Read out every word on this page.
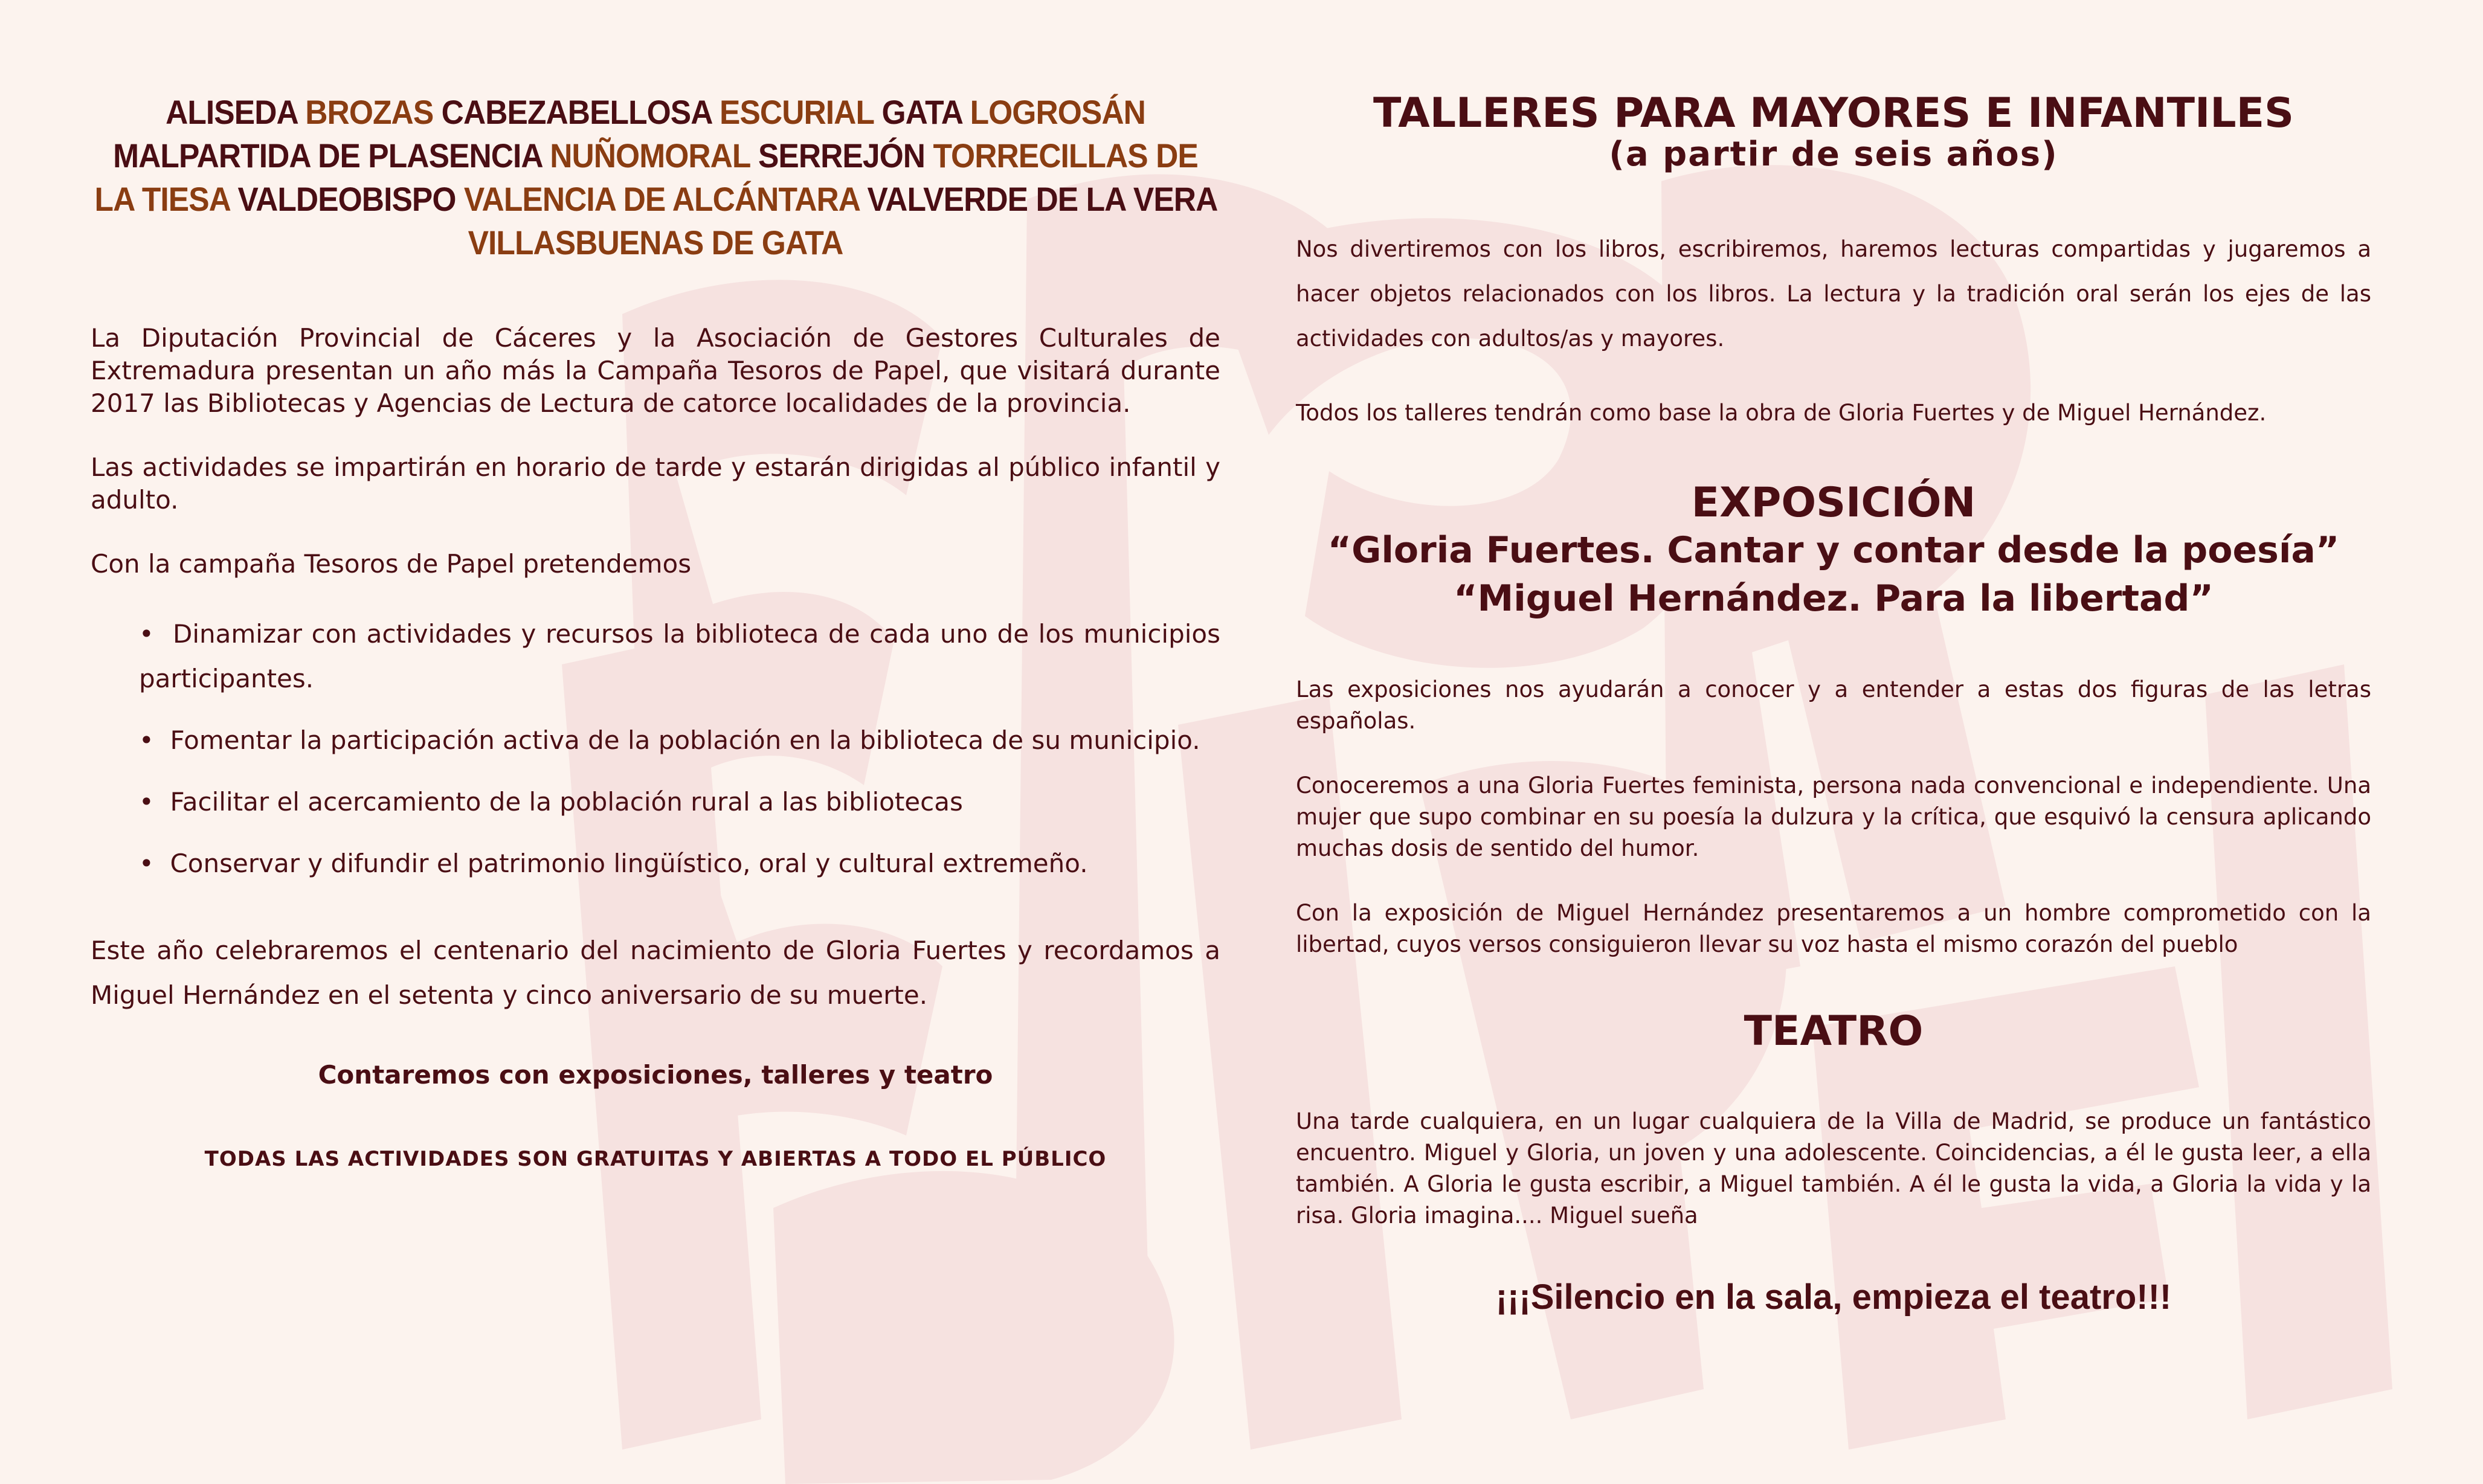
ALISEDA BROZAS CABEZABELLOSA ESCURIAL GATA LOGROSÁN MALPARTIDA DE PLASENCIA NUÑOMORAL SERREJÓN TORRECILLAS DE LA TIESA VALDEOBISPO VALENCIA DE ALCÁNTARA VALVERDE DE LA VERA VILLASBUENAS DE GATA

La Diputación Provincial de Cáceres y la Asociación de Gestores Culturales de Extremadura presentan un año más la Campaña Tesoros de Papel, que visitará durante 2017 las Bibliotecas y Agencias de Lectura de catorce localidades de la provincia.

Las actividades se impartirán en horario de tarde y estarán dirigidas al público infantil y adulto.

Con la campaña Tesoros de Papel pretendemos

•  Dinamizar con actividades y recursos la biblioteca de cada uno de los municipios participantes.
•  Fomentar la participación activa de la población en la biblioteca de su municipio.
•  Facilitar el acercamiento de la población rural a las bibliotecas
•  Conservar y difundir el patrimonio lingüístico, oral y cultural extremeño.

Este año celebraremos el centenario del nacimiento de Gloria Fuertes y recordamos a Miguel Hernández en el setenta y cinco aniversario de su muerte.

Contaremos con exposiciones, talleres y teatro
TODAS LAS ACTIVIDADES SON GRATUITAS Y ABIERTAS A TODO EL PÚBLICO
TALLERES PARA MAYORES E INFANTILES
(a partir de seis años)

Nos divertiremos con los libros, escribiremos, haremos lecturas compartidas y jugaremos a hacer objetos relacionados con los libros. La lectura y la tradición oral serán los ejes de las actividades con adultos/as y mayores.

Todos los talleres tendrán como base la obra de Gloria Fuertes y de Miguel Hernández.

EXPOSICIÓN

“Gloria Fuertes. Cantar y contar desde la poesía”

“Miguel Hernández. Para la libertad”

Las exposiciones nos ayudarán a conocer y a entender a estas dos figuras de las letras españolas.

Conoceremos a una Gloria Fuertes feminista, persona nada convencional e independiente. Una mujer que supo combinar en su poesía la dulzura y la crítica, que esquivó la censura aplicando muchas dosis de sentido del humor.

Con la exposición de Miguel Hernández presentaremos a un hombre comprometido con la libertad, cuyos versos consiguieron llevar su voz hasta el mismo corazón del pueblo

TEATRO

Una tarde cualquiera, en un lugar cualquiera de la Villa de Madrid, se produce un fantástico encuentro. Miguel y Gloria, un joven y una adolescente. Coincidencias, a él le gusta leer, a ella también. A Gloria le gusta escribir, a Miguel también. A él le gusta la vida, a Gloria la vida y la risa. Gloria imagina.... Miguel sueña

¡¡¡Silencio en la sala, empieza el teatro!!!
